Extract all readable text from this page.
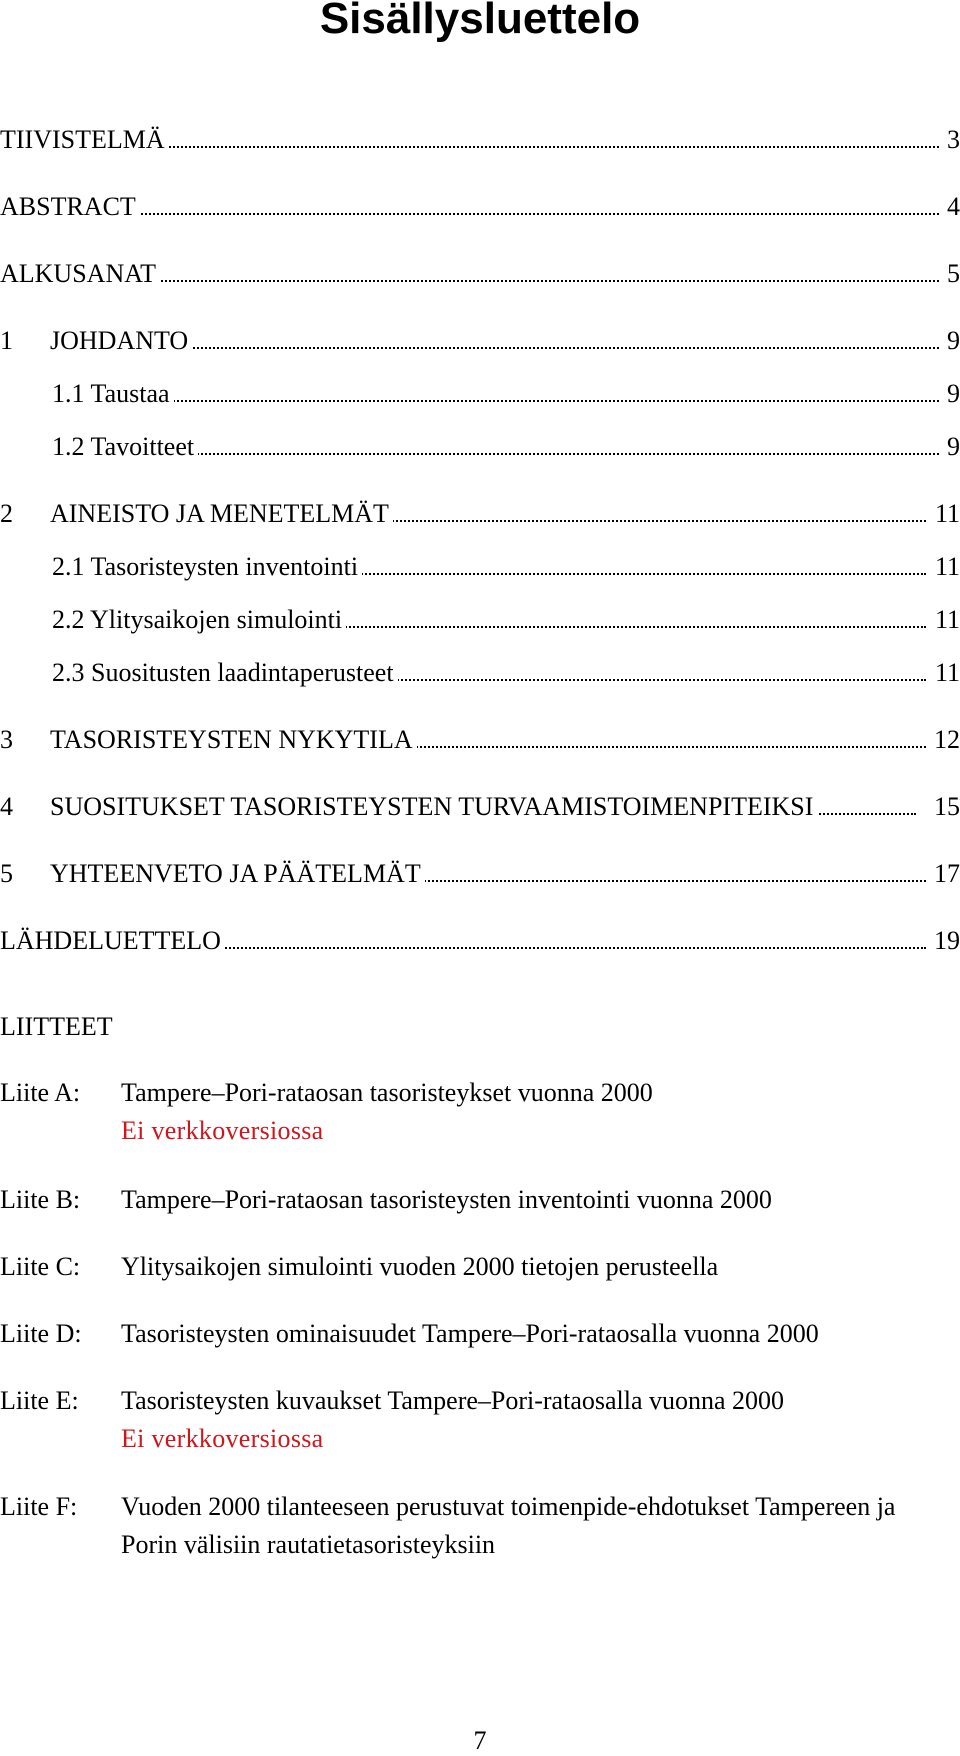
Sisällysluettelo
TIIVISTELMÄ	3
ABSTRACT	4
ALKUSANAT	5
1 JOHDANTO	9
1.1 Taustaa	9
1.2 Tavoitteet	9
2 AINEISTO JA MENETELMÄT	11
2.1 Tasoristeysten inventointi	11
2.2 Ylitysaikojen simulointi	11
2.3 Suositusten laadintaperusteet	11
3 TASORISTEYSTEN NYKYTILA	12
4 SUOSITUKSET TASORISTEYSTEN TURVAAMISTOIMENPITEIKSI	15
5 YHTEENVETO JA PÄÄTELMÄT	17
LÄHDELUETTELO	19
LIITTEET
Liite A: Tampere–Pori-rataosan tasoristeykset vuonna 2000
Ei verkkoversiossa
Liite B: Tampere–Pori-rataosan tasoristeysten inventointi vuonna 2000
Liite C: Ylitysaikojen simulointi vuoden 2000 tietojen perusteella
Liite D: Tasoristeysten ominaisuudet Tampere–Pori-rataosalla vuonna 2000
Liite E: Tasoristeysten kuvaukset Tampere–Pori-rataosalla vuonna 2000
Ei verkkoversiossa
Liite F: Vuoden 2000 tilanteeseen perustuvat toimenpide-ehdotukset Tampereen ja Porin välisiin rautatietasoristeyksiin
7
